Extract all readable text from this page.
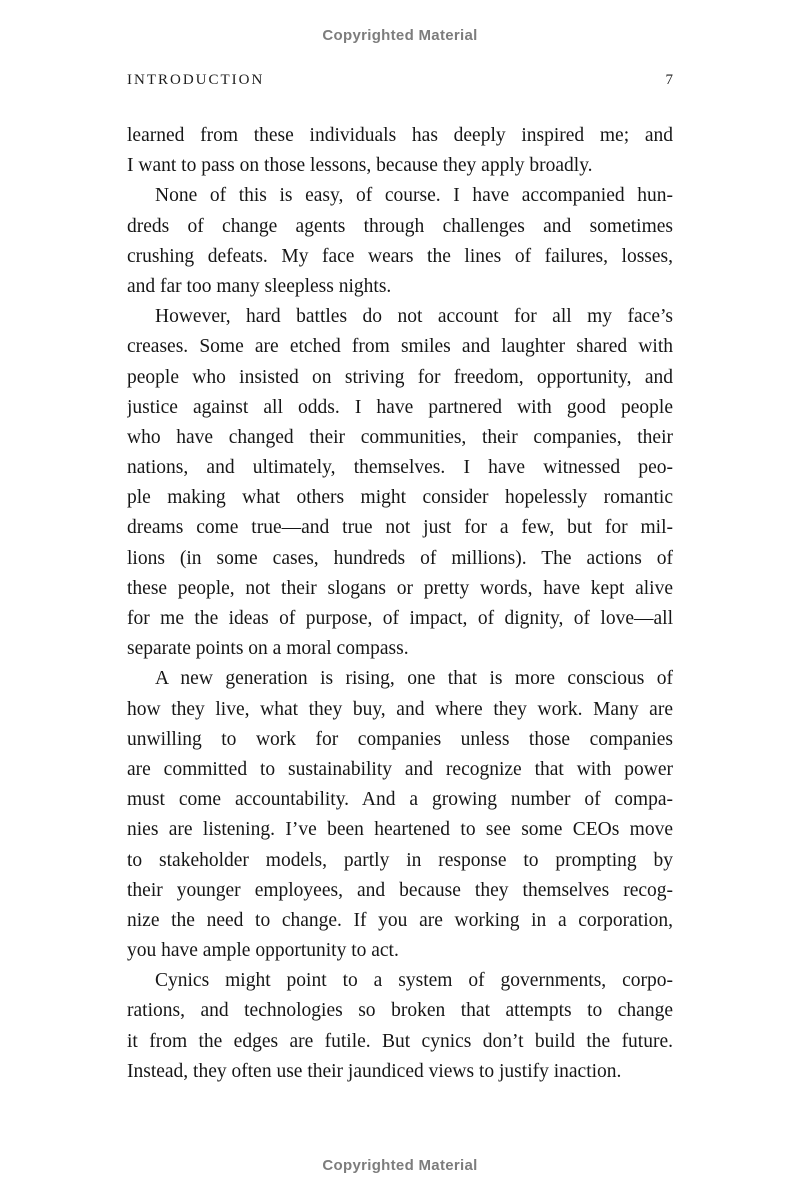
Copyrighted Material
INTRODUCTION	7
learned from these individuals has deeply inspired me; and
I want to pass on those lessons, because they apply broadly.
None of this is easy, of course. I have accompanied hun-
dreds of change agents through challenges and sometimes
crushing defeats. My face wears the lines of failures, losses,
and far too many sleepless nights.
However, hard battles do not account for all my face’s
creases. Some are etched from smiles and laughter shared with
people who insisted on striving for freedom, opportunity, and
justice against all odds. I have partnered with good people
who have changed their communities, their companies, their
nations, and ultimately, themselves. I have witnessed peo-
ple making what others might consider hopelessly romantic
dreams come true—and true not just for a few, but for mil-
lions (in some cases, hundreds of millions). The actions of
these people, not their slogans or pretty words, have kept alive
for me the ideas of purpose, of impact, of dignity, of love—all
separate points on a moral compass.
A new generation is rising, one that is more conscious of
how they live, what they buy, and where they work. Many are
unwilling to work for companies unless those companies
are committed to sustainability and recognize that with power
must come accountability. And a growing number of compa-
nies are listening. I’ve been heartened to see some CEOs move
to stakeholder models, partly in response to prompting by
their younger employees, and because they themselves recog-
nize the need to change. If you are working in a corporation,
you have ample opportunity to act.
Cynics might point to a system of governments, corpo-
rations, and technologies so broken that attempts to change
it from the edges are futile. But cynics don’t build the future.
Instead, they often use their jaundiced views to justify inaction.
Copyrighted Material
